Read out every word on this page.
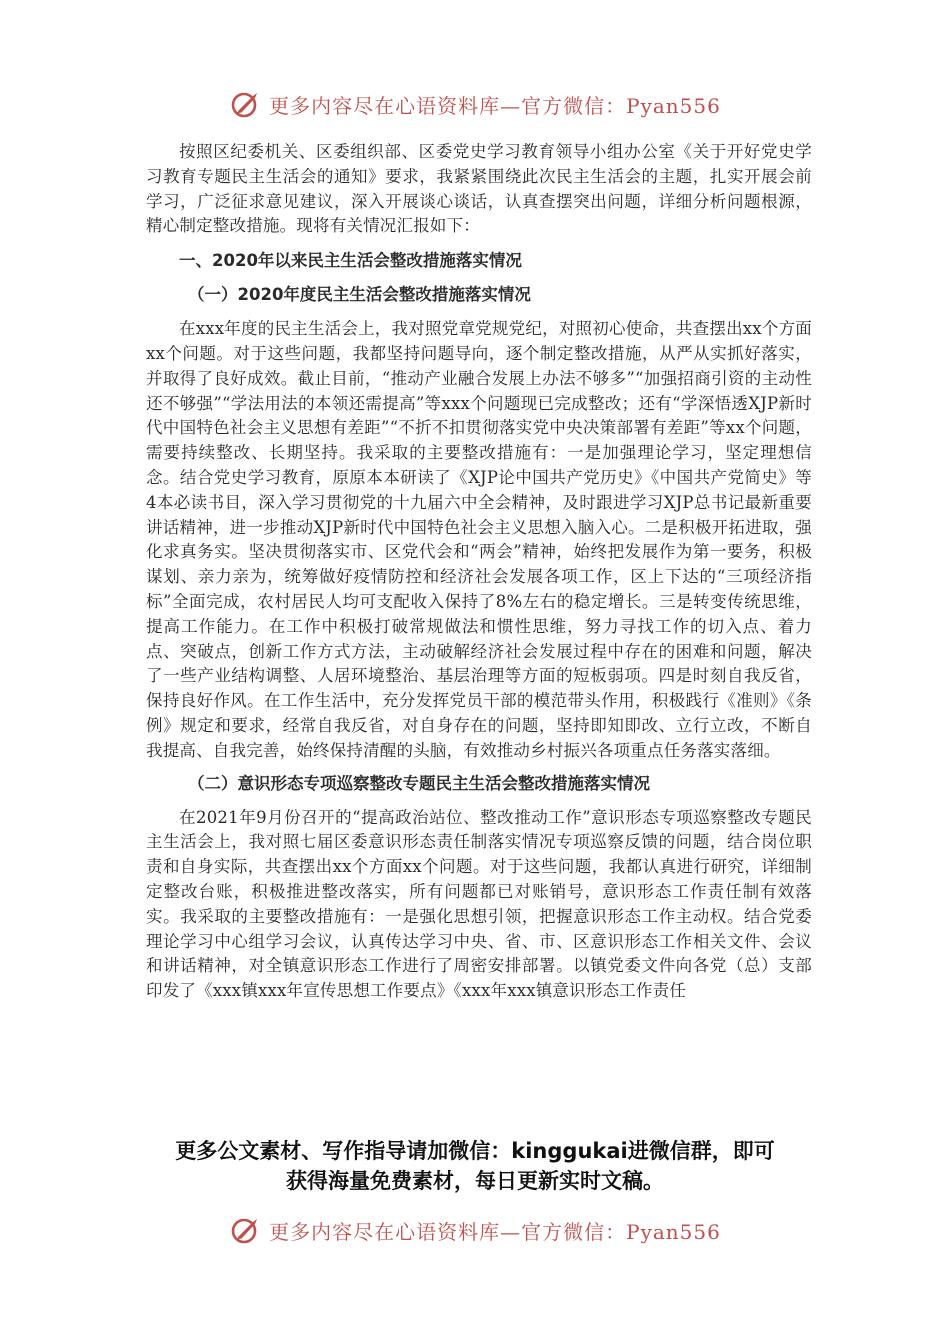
更多内容尽在心语资料库—官方微信：Pyan556

按照区纪委机关、区委组织部、区委党史学习教育领导小组办公室《关于开好党史学习教育专题民主生活会的通知》要求，我紧紧围绕此次民主生活会的主题，扎实开展会前学习，广泛征求意见建议，深入开展谈心谈话，认真查摆突出问题，详细分析问题根源，精心制定整改措施。现将有关情况汇报如下：

一、2020年以来民主生活会整改措施落实情况
（一）2020年度民主生活会整改措施落实情况

在xxx年度的民主生活会上，我对照党章党规党纪，对照初心使命，共查摆出xx个方面xx个问题。对于这些问题，我都坚持问题导向，逐个制定整改措施，从严从实抓好落实，并取得了良好成效。截止目前，“推动产业融合发展上办法不够多”“加强招商引资的主动性还不够强”“学法用法的本领还需提高”等xxx个问题现已完成整改；还有“学深悟透XJP新时代中国特色社会主义思想有差距”“不折不扣贯彻落实党中央决策部署有差距”等xx个问题，需要持续整改、长期坚持。我采取的主要整改措施有：一是加强理论学习，坚定理想信念。结合党史学习教育，原原本本研读了《XJP论中国共产党历史》《中国共产党简史》等4本必读书目，深入学习贯彻党的十九届六中全会精神，及时跟进学习XJP总书记最新重要讲话精神，进一步推动XJP新时代中国特色社会主义思想入脑入心。二是积极开拓进取，强化求真务实。坚决贯彻落实市、区党代会和“两会”精神，始终把发展作为第一要务，积极谋划、亲力亲为，统筹做好疫情防控和经济社会发展各项工作，区上下达的“三项经济指标”全面完成，农村居民人均可支配收入保持了8%左右的稳定增长。三是转变传统思维，提高工作能力。在工作中积极打破常规做法和惯性思维，努力寻找工作的切入点、着力点、突破点，创新工作方式方法，主动破解经济社会发展过程中存在的困难和问题，解决了一些产业结构调整、人居环境整治、基层治理等方面的短板弱项。四是时刻自我反省，保持良好作风。在工作生活中，充分发挥党员干部的模范带头作用，积极践行《准则》《条例》规定和要求，经常自我反省，对自身存在的问题，坚持即知即改、立行立改，不断自我提高、自我完善，始终保持清醒的头脑，有效推动乡村振兴各项重点任务落实落细。

（二）意识形态专项巡察整改专题民主生活会整改措施落实情况

在2021年9月份召开的“提高政治站位、整改推动工作”意识形态专项巡察整改专题民主生活会上，我对照七届区委意识形态责任制落实情况专项巡察反馈的问题，结合岗位职责和自身实际，共查摆出xx个方面xx个问题。对于这些问题，我都认真进行研究，详细制定整改台账，积极推进整改落实，所有问题都已对账销号，意识形态工作责任制有效落实。我采取的主要整改措施有：一是强化思想引领，把握意识形态工作主动权。结合党委理论学习中心组学习会议，认真传达学习中央、省、市、区意识形态工作相关文件、会议和讲话精神，对全镇意识形态工作进行了周密安排部署。以镇党委文件向各党（总）支部印发了《xxx镇xxx年宣传思想工作要点》《xxx年xxx镇意识形态工作责任

更多公文素材、写作指导请加微信：kinggukai进微信群，即可
获得海量免费素材，每日更新实时文稿。
更多内容尽在心语资料库—官方微信：Pyan556
